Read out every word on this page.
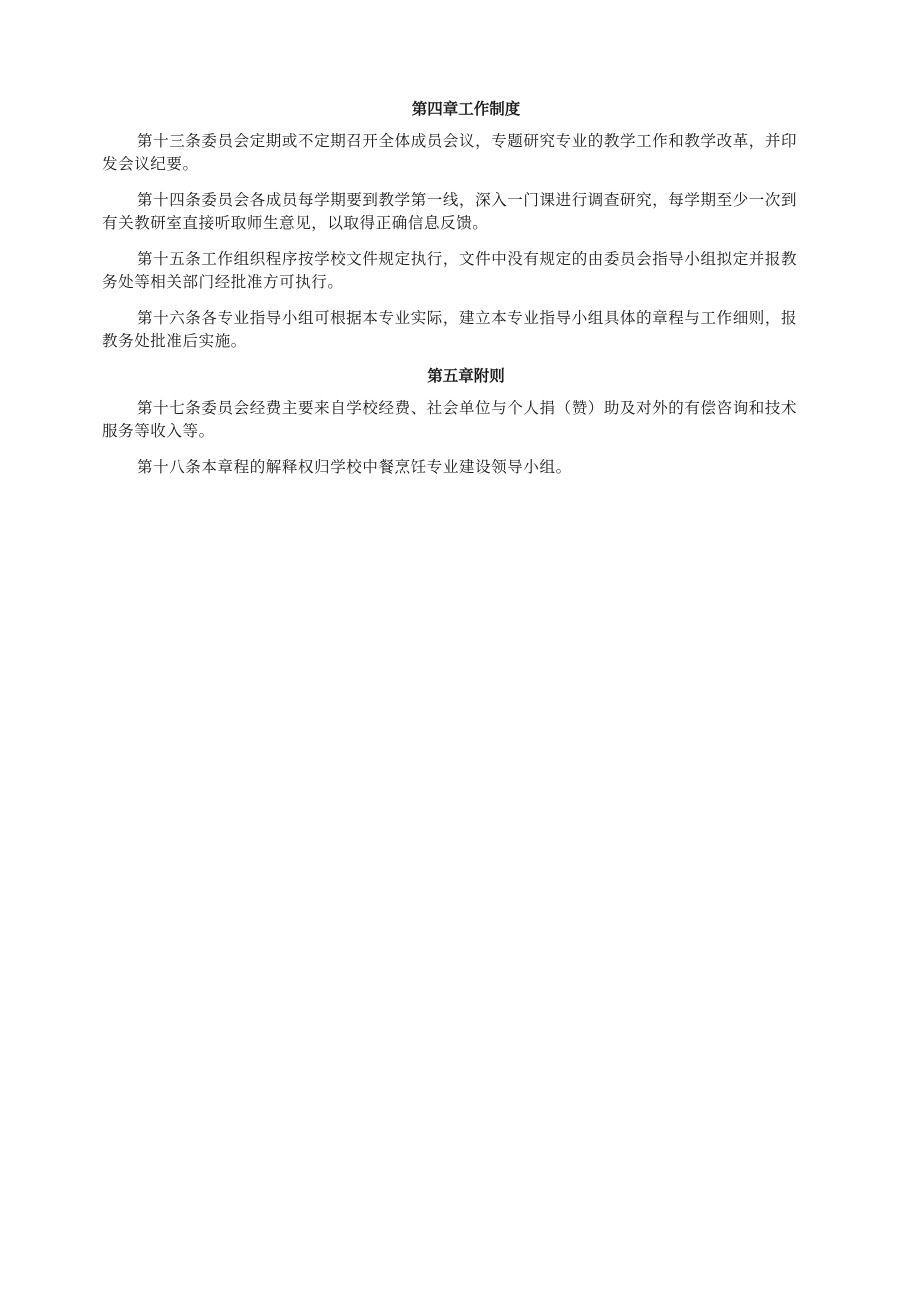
第四章工作制度
第十三条委员会定期或不定期召开全体成员会议，专题研究专业的教学工作和教学改革，并印
发会议纪要。
第十四条委员会各成员每学期要到教学第一线，深入一门课进行调查研究，每学期至少一次到
有关教研室直接听取师生意见，以取得正确信息反馈。
第十五条工作组织程序按学校文件规定执行，文件中没有规定的由委员会指导小组拟定并报教
务处等相关部门经批准方可执行。
第十六条各专业指导小组可根据本专业实际，建立本专业指导小组具体的章程与工作细则，报
教务处批准后实施。
第五章附则
第十七条委员会经费主要来自学校经费、社会单位与个人捐（赞）助及对外的有偿咨询和技术
服务等收入等。
第十八条本章程的解释权归学校中餐烹饪专业建设领导小组。
